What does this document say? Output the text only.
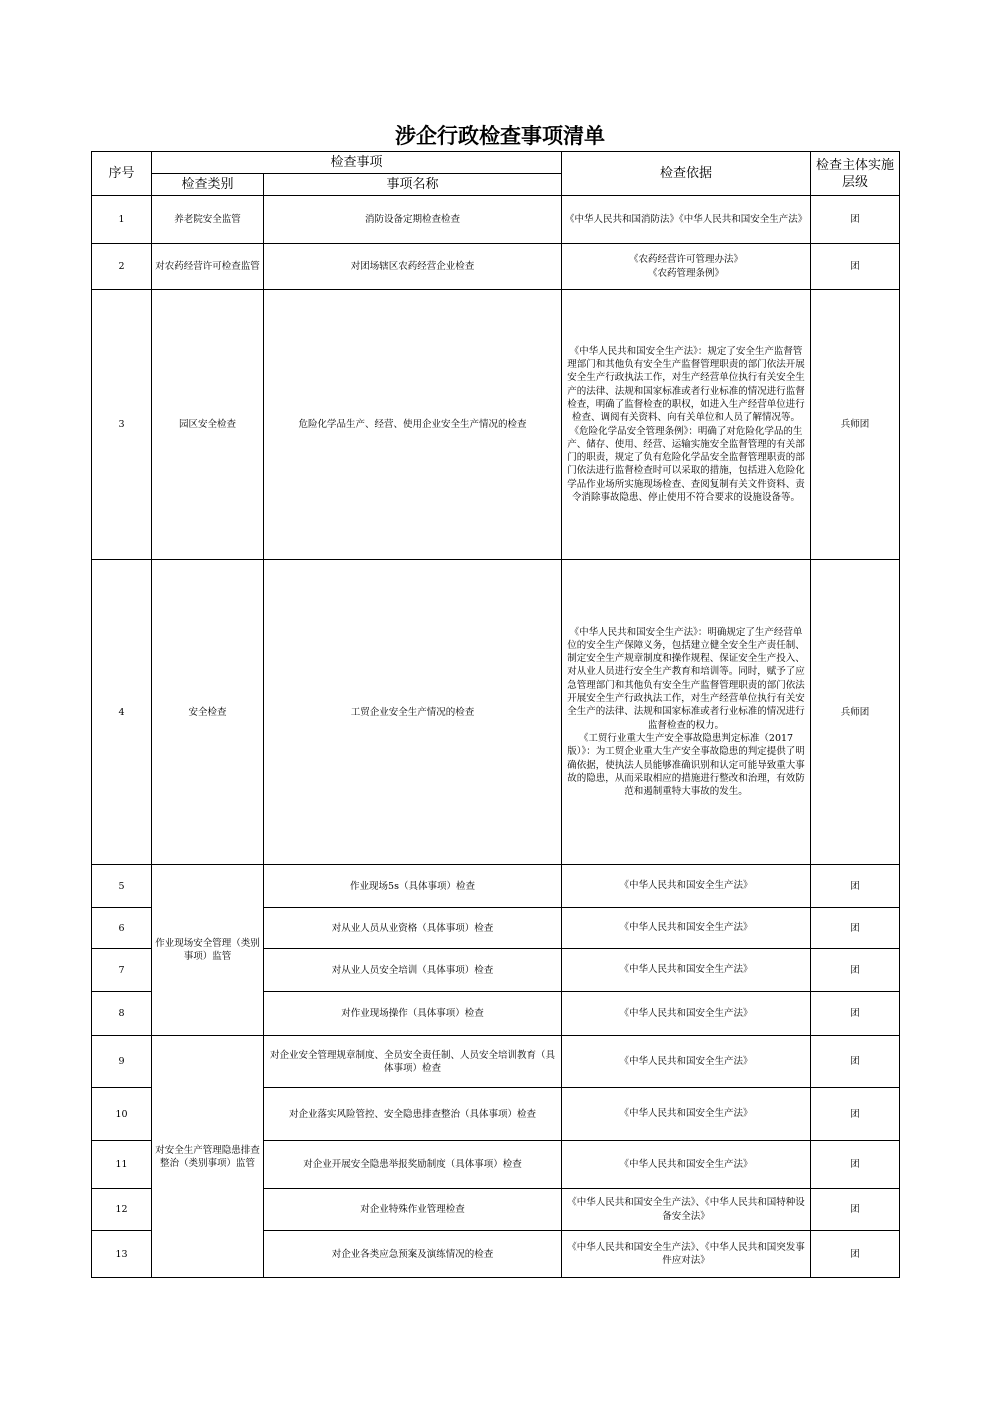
涉企行政检查事项清单
序号	检查事项		检查依据	检查主体实施层级
	检查类别	事项名称		
1	养老院安全监管	消防设备定期检查检查	《中华人民共和国消防法》《中华人民共和国安全生产法》	团
2	对农药经营许可检查监管	对团场辖区农药经营企业检查	《农药经营许可管理办法》

《农药管理条例》	团
3	园区安全检查	危险化学品生产、经营、使用企业安全生产情况的检查	《中华人民共和国安全生产法》：规定了安全生产监督管理部门和其他负有安全生产监督管理职责的部门依法开展安全生产行政执法工作，对生产经营单位执行有关安全生产的法律、法规和国家标准或者行业标准的情况进行监督检查，明确了监督检查的职权，如进入生产经营单位进行检查、调阅有关资料、向有关单位和人员了解情况等。

《危险化学品安全管理条例》：明确了对危险化学品的生产、储存、使用、经营、运输实施安全监督管理的有关部门的职责，规定了负有危险化学品安全监督管理职责的部门依法进行监督检查时可以采取的措施，包括进入危险化学品作业场所实施现场检查、查阅复制有关文件资料、责令消除事故隐患、停止使用不符合要求的设施设备等。	兵师团
4	安全检查	工贸企业安全生产情况的检查	《中华人民共和国安全生产法》：明确规定了生产经营单位的安全生产保障义务，包括建立健全安全生产责任制、制定安全生产规章制度和操作规程、保证安全生产投入、对从业人员进行安全生产教育和培训等。同时，赋予了应急管理部门和其他负有安全生产监督管理职责的部门依法开展安全生产行政执法工作，对生产经营单位执行有关安全生产的法律、法规和国家标准或者行业标准的情况进行监督检查的权力。

《工贸行业重大生产安全事故隐患判定标准（2017版）》：为工贸企业重大生产安全事故隐患的判定提供了明确依据，使执法人员能够准确识别和认定可能导致重大事故的隐患，从而采取相应的措施进行整改和治理，有效防范和遏制重特大事故的发生。	兵师团
5	作业现场安全管理（类别事项）监管	作业现场5s（具体事项）检查	《中华人民共和国安全生产法》	团
6		对从业人员从业资格（具体事项）检查	《中华人民共和国安全生产法》	团
7		对从业人员安全培训（具体事项）检查	《中华人民共和国安全生产法》	团
8		对作业现场操作（具体事项）检查	《中华人民共和国安全生产法》	团
9	对安全生产管理隐患排查整治（类别事项）监管	对企业安全管理规章制度、全员安全责任制、人员安全培训教育（具体事项）检查	《中华人民共和国安全生产法》	团
10		对企业落实风险管控、安全隐患排查整治（具体事项）检查	《中华人民共和国安全生产法》	团
11		对企业开展安全隐患举报奖励制度（具体事项）检查	《中华人民共和国安全生产法》	团
12		对企业特殊作业管理检查	《中华人民共和国安全生产法》、《中华人民共和国特种设备安全法》	团
13		对企业各类应急预案及演练情况的检查	《中华人民共和国安全生产法》、《中华人民共和国突发事件应对法》	团
